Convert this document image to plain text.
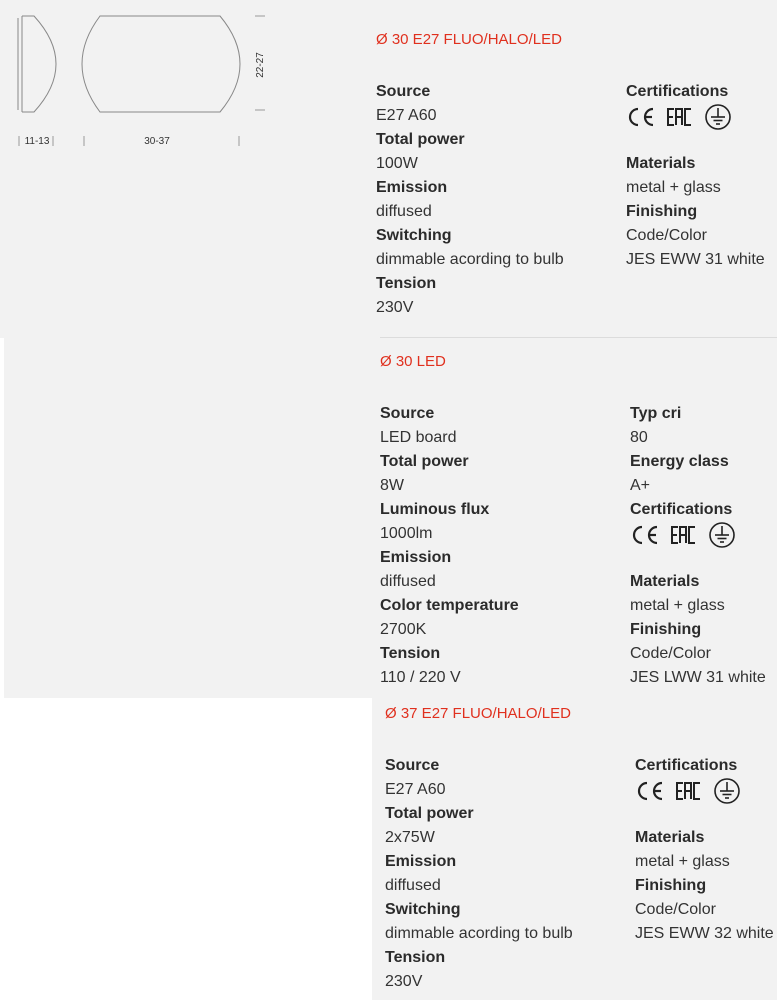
22-27
11-13	30-37
Ø 30 E27 FLUO/HALO/LED
Source
E27 A60
Total power
100W
Emission
diffused
Switching
dimmable acording to bulb
Tension
230V
Certifications
Materials
metal + glass
Finishing
Code/Color
JES EWW 31 white
Ø 30 LED
Source
LED board
Total power
8W
Luminous flux
1000lm
Emission
diffused
Color temperature
2700K
Tension
110 / 220 V
Typ cri
80
Energy class
A+
Certifications
Materials
metal + glass
Finishing
Code/Color
JES LWW 31 white
Ø 37 E27 FLUO/HALO/LED
Source
E27 A60
Total power
2x75W
Emission
diffused
Switching
dimmable acording to bulb
Tension
230V
Certifications
Materials
metal + glass
Finishing
Code/Color
JES EWW 32 white
